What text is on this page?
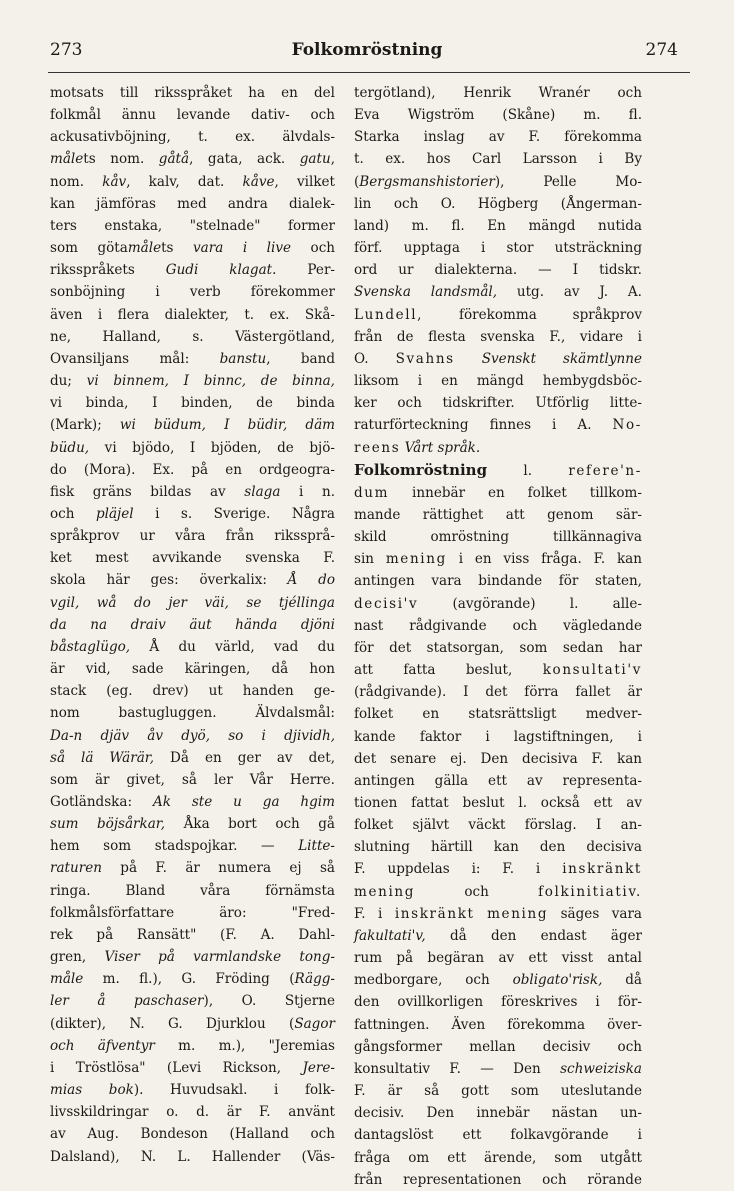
273	Folkomröstning	274
motsats till riksspråket ha en del
folkmål ännu levande dativ- och
ackusativböjning, t. ex. älvdals-
målets nom. gåtå, gata, ack. gatu,
nom. kåv, kalv, dat. kåve, vilket
kan jämföras med andra dialek-
ters enstaka, "stelnade" former
som götamålets vara i live och
riksspråkets Gudi klagat. Per-
sonböjning i verb förekommer
även i flera dialekter, t. ex. Skå-
ne, Halland, s. Västergötland,
Ovansiljans mål: banstu, band
du; vi binnem, I binnc, de binna,
vi binda, I binden, de binda
(Mark); wi büdum, I büdir, däm
büdu, vi bjödo, I bjöden, de bjö-
do (Mora). Ex. på en ordgeogra-
fisk gräns bildas av slaga i n.
och pläjel i s. Sverige. Några
språkprov ur våra från rikssprå-
ket mest avvikande svenska F.
skola här ges: överkalix: Å do
vgil, wå do jer väi, se tjéllinga
da na draiv äut hända djöni
båstaglügo, Å du värld, vad du
är vid, sade käringen, då hon
stack (eg. drev) ut handen ge-
nom bastugluggen. Älvdalsmål:
Da-n djäv åv dyö, so i djividh,
så lä Wärär, Då en ger av det,
som är givet, så ler Vår Herre.
Gotländska: Ak ste u ga hgim
sum böjsårkar, Åka bort och gå
hem som stadspojkar. — Litte-
raturen på F. är numera ej så
ringa. Bland våra förnämsta
folkmålsförfattare äro: "Fred-
rek på Ransätt" (F. A. Dahl-
gren, Viser på varmlandske tong-
måle m. fl.), G. Fröding (Rägg-
ler å paschaser), O. Stjerne
(dikter), N. G. Djurklou (Sagor
och äfventyr m. m.), "Jeremias
i Tröstlösa" (Levi Rickson, Jere-
mias bok). Huvudsakl. i folk-
livsskildringar o. d. är F. använt
av Aug. Bondeson (Halland och
Dalsland), N. L. Hallender (Väs-
tergötland), Henrik Wranér och
Eva Wigström (Skåne) m. fl.
Starka inslag av F. förekomma
t. ex. hos Carl Larsson i By
(Bergsmanshistorier), Pelle Mo-
lin och O. Högberg (Ångerman-
land) m. fl. En mängd nutida
förf. upptaga i stor utsträckning
ord ur dialekterna. — I tidskr.
Svenska landsmål, utg. av J. A.
Lundell, förekomma språkprov
från de flesta svenska F., vidare i
O. Svahns Svenskt skämtlynne
liksom i en mängd hembygdsböc-
ker och tidskrifter. Utförlig litte-
raturförteckning finnes i A. No-
reens Vårt språk.
Folkomröstning l. refere'n-
dum innebär en folket tillkom-
mande rättighet att genom sär-
skild omröstning tillkännagiva
sin mening i en viss fråga. F. kan
antingen vara bindande för staten,
decisi'v (avgörande) l. alle-
nast rådgivande och vägledande
för det statsorgan, som sedan har
att fatta beslut, konsultati'v
(rådgivande). I det förra fallet är
folket en statsrättsligt medver-
kande faktor i lagstiftningen, i
det senare ej. Den decisiva F. kan
antingen gälla ett av representa-
tionen fattat beslut l. också ett av
folket självt väckt förslag. I an-
slutning härtill kan den decisiva
F. uppdelas i: F. i inskränkt
mening och folkinitiativ.
F. i inskränkt mening säges vara
fakultati'v, då den endast äger
rum på begäran av ett visst antal
medborgare, och obligato'risk, då
den ovillkorligen föreskrives i för-
fattningen. Även förekomma över-
gångsformer mellan decisiv och
konsultativ F. — Den schweiziska
F. är så gott som uteslutande
decisiv. Den innebär nästan un-
dantagslöst ett folkavgörande i
fråga om ett ärende, som utgått
från representationen och rörande
